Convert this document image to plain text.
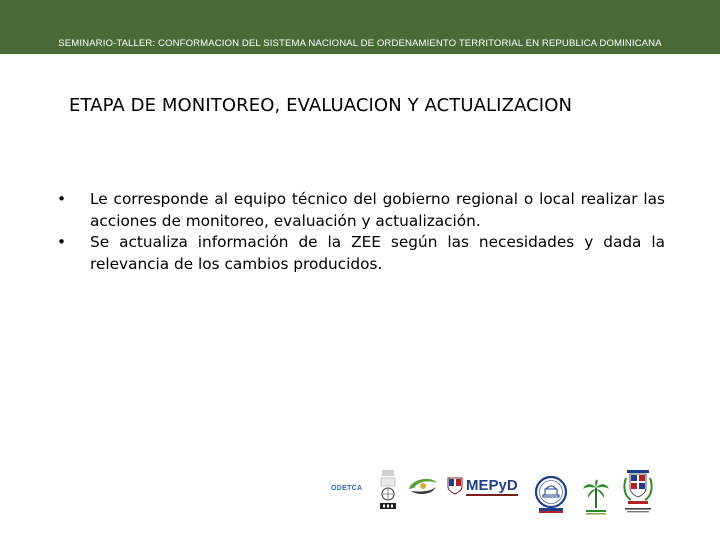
SEMINARIO-TALLER: CONFORMACION DEL SISTEMA NACIONAL DE ORDENAMIENTO TERRITORIAL EN REPUBLICA DOMINICANA
ETAPA DE MONITOREO, EVALUACION Y ACTUALIZACION
•	Le corresponde al equipo técnico del gobierno regional o local realizar las acciones de monitoreo, evaluación y actualización.
•	Se actualiza información de la ZEE según las necesidades y dada la relevancia de los cambios producidos.
ODETCA	MEPyD
